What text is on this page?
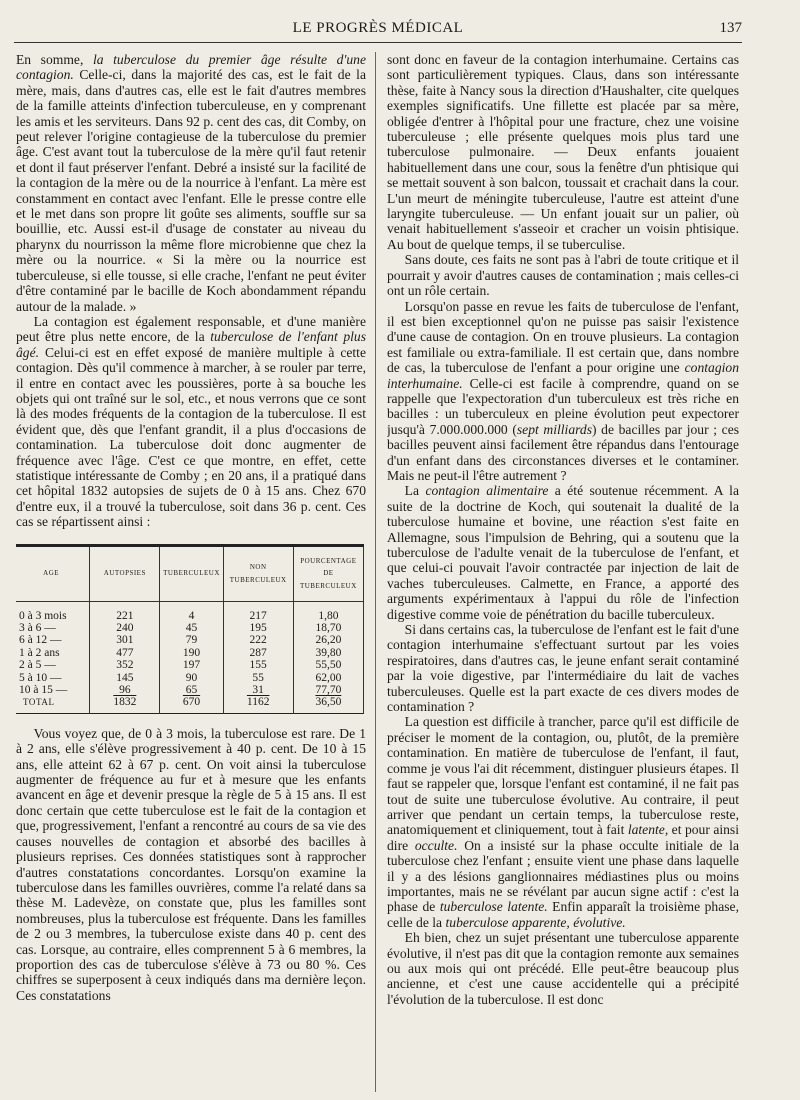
LE PROGRÈS MÉDICAL	137

En somme, la tuberculose du premier âge résulte d'une contagion. Celle-ci, dans la majorité des cas, est le fait de la mère, mais, dans d'autres cas, elle est le fait d'autres membres de la famille atteints d'infection tuberculeuse, en y comprenant les amis et les serviteurs. Dans 92 p. cent des cas, dit Comby, on peut relever l'origine contagieuse de la tuberculose du premier âge. C'est avant tout la tuberculose de la mère qu'il faut retenir et dont il faut préserver l'enfant. Debré a insisté sur la facilité de la contagion de la mère ou de la nourrice à l'enfant. La mère est constamment en contact avec l'enfant. Elle le presse contre elle et le met dans son propre lit goûte ses aliments, souffle sur sa bouillie, etc. Aussi est-il d'usage de constater au niveau du pharynx du nourrisson la même flore microbienne que chez la mère ou la nourrice. « Si la mère ou la nourrice est tuberculeuse, si elle tousse, si elle crache, l'enfant ne peut éviter d'être contaminé par le bacille de Koch abondamment répandu autour de la malade. »

La contagion est également responsable, et d'une manière peut être plus nette encore, de la tuberculose de l'enfant plus âgé. Celui-ci est en effet exposé de manière multiple à cette contagion. Dès qu'il commence à marcher, à se rouler par terre, il entre en contact avec les poussières, porte à sa bouche les objets qui ont traîné sur le sol, etc., et nous verrons que ce sont là des modes fréquents de la contagion de la tuberculose. Il est évident que, dès que l'enfant grandit, il a plus d'occasions de contamination. La tuberculose doit donc augmenter de fréquence avec l'âge. C'est ce que montre, en effet, cette statistique intéressante de Comby ; en 20 ans, il a pratiqué dans cet hôpital 1832 autopsies de sujets de 0 à 15 ans. Chez 670 d'entre eux, il a trouvé la tuberculose, soit dans 36 p. cent. Ces cas se répartissent ainsi :

AGE	AUTOPSIES	TUBERCULEUX	NON TUBERCULEUX	POURCENTAGE DE TUBERCULEUX
0 à 3 mois	221	4	217	1,80
3 à 6 —	240	45	195	18,70
6 à 12 —	301	79	222	26,20
1 à 2 ans	477	190	287	39,80
2 à 5 —	352	197	155	55,50
5 à 10 —	145	90	55	62,00
10 à 15 —	96	65	31	77,70
TOTAL	1832	670	1162	36,50

Vous voyez que, de 0 à 3 mois, la tuberculose est rare. De 1 à 2 ans, elle s'élève progressivement à 40 p. cent. De 10 à 15 ans, elle atteint 62 à 67 p. cent. On voit ainsi la tuberculose augmenter de fréquence au fur et à mesure que les enfants avancent en âge et devenir presque la règle de 5 à 15 ans. Il est donc certain que cette tuberculose est le fait de la contagion et que, progressivement, l'enfant a rencontré au cours de sa vie des causes nouvelles de contagion et absorbé des bacilles à plusieurs reprises. Ces données statistiques sont à rapprocher d'autres constatations concordantes. Lorsqu'on examine la tuberculose dans les familles ouvrières, comme l'a relaté dans sa thèse M. Ladevèze, on constate que, plus les familles sont nombreuses, plus la tuberculose est fréquente. Dans les familles de 2 ou 3 membres, la tuberculose existe dans 40 p. cent des cas. Lorsque, au contraire, elles comprennent 5 à 6 membres, la proportion des cas de tuberculose s'élève à 73 ou 80 %. Ces chiffres se superposent à ceux indiqués dans ma dernière leçon. Ces constatations

sont donc en faveur de la contagion interhumaine. Certains cas sont particulièrement typiques. Claus, dans son intéressante thèse, faite à Nancy sous la direction d'Haushalter, cite quelques exemples significatifs. Une fillette est placée par sa mère, obligée d'entrer à l'hôpital pour une fracture, chez une voisine tuberculeuse ; elle présente quelques mois plus tard une tuberculose pulmonaire. — Deux enfants jouaient habituellement dans une cour, sous la fenêtre d'un phtisique qui se mettait souvent à son balcon, toussait et crachait dans la cour. L'un meurt de méningite tuberculeuse, l'autre est atteint d'une laryngite tuberculeuse. — Un enfant jouait sur un palier, où venait habituellement s'asseoir et cracher un voisin phtisique. Au bout de quelque temps, il se tuberculise.

Sans doute, ces faits ne sont pas à l'abri de toute critique et il pourrait y avoir d'autres causes de contamination ; mais celles-ci ont un rôle certain.

Lorsqu'on passe en revue les faits de tuberculose de l'enfant, il est bien exceptionnel qu'on ne puisse pas saisir l'existence d'une cause de contagion. On en trouve plusieurs. La contagion est familiale ou extra-familiale. Il est certain que, dans nombre de cas, la tuberculose de l'enfant a pour origine une contagion interhumaine. Celle-ci est facile à comprendre, quand on se rappelle que l'expectoration d'un tuberculeux est très riche en bacilles : un tuberculeux en pleine évolution peut expectorer jusqu'à 7.000.000.000 (sept milliards) de bacilles par jour ; ces bacilles peuvent ainsi facilement être répandus dans l'entourage d'un enfant dans des circonstances diverses et le contaminer. Mais ne peut-il l'être autrement ?

La contagion alimentaire a été soutenue récemment. A la suite de la doctrine de Koch, qui soutenait la dualité de la tuberculose humaine et bovine, une réaction s'est faite en Allemagne, sous l'impulsion de Behring, qui a soutenu que la tuberculose de l'adulte venait de la tuberculose de l'enfant, et que celui-ci pouvait l'avoir contractée par injection de lait de vaches tuberculeuses. Calmette, en France, a apporté des arguments expérimentaux à l'appui du rôle de l'infection digestive comme voie de pénétration du bacille tuberculeux.

Si dans certains cas, la tuberculose de l'enfant est le fait d'une contagion interhumaine s'effectuant surtout par les voies respiratoires, dans d'autres cas, le jeune enfant serait contaminé par la voie digestive, par l'intermédiaire du lait de vaches tuberculeuses. Quelle est la part exacte de ces divers modes de contamination ?

La question est difficile à trancher, parce qu'il est difficile de préciser le moment de la contagion, ou, plutôt, de la première contamination. En matière de tuberculose de l'enfant, il faut, comme je vous l'ai dit récemment, distinguer plusieurs étapes. Il faut se rappeler que, lorsque l'enfant est contaminé, il ne fait pas tout de suite une tuberculose évolutive. Au contraire, il peut arriver que pendant un certain temps, la tuberculose reste, anatomiquement et cliniquement, tout à fait latente, et pour ainsi dire occulte. On a insisté sur la phase occulte initiale de la tuberculose chez l'enfant ; ensuite vient une phase dans laquelle il y a des lésions ganglionnaires médiastines plus ou moins importantes, mais ne se révélant par aucun signe actif : c'est la phase de tuberculose latente. Enfin apparaît la troisième phase, celle de la tuberculose apparente, évolutive.

Eh bien, chez un sujet présentant une tuberculose apparente évolutive, il n'est pas dit que la contagion remonte aux semaines ou aux mois qui ont précédé. Elle peut-être beaucoup plus ancienne, et c'est une cause accidentelle qui a précipité l'évolution de la tuberculose. Il est donc
